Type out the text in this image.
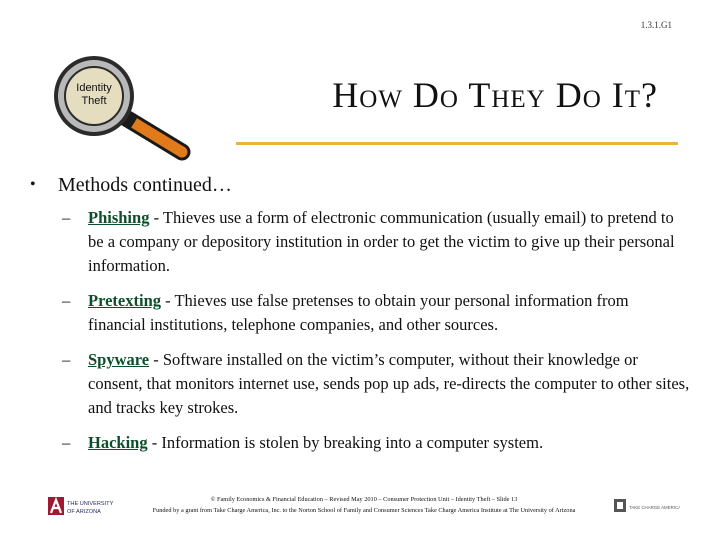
1.3.1.G1
Identity
Theft	How Do They Do It?
•	Methods continued…
– Phishing - Thieves use a form of electronic communication (usually email) to pretend to be a company or depository institution in order to get the victim to give up their personal information.
– Pretexting - Thieves use false pretenses to obtain your personal information from financial institutions, telephone companies, and other sources.
– Spyware - Software installed on the victim’s computer, without their knowledge or consent, that monitors internet use, sends pop up ads, re-directs the computer to other sites, and tracks key strokes.
– Hacking - Information is stolen by breaking into a computer system.
THE UNIVERSITY
OF ARIZONA
© Family Economics & Financial Education – Revised May 2010 – Consumer Protection Unit – Identity Theft – Slide 13
Funded by a grant from Take Charge America, Inc. to the Norton School of Family and Consumer Sciences Take Charge America Institute at The University of Arizona	TAKE CHARGE AMERICA
